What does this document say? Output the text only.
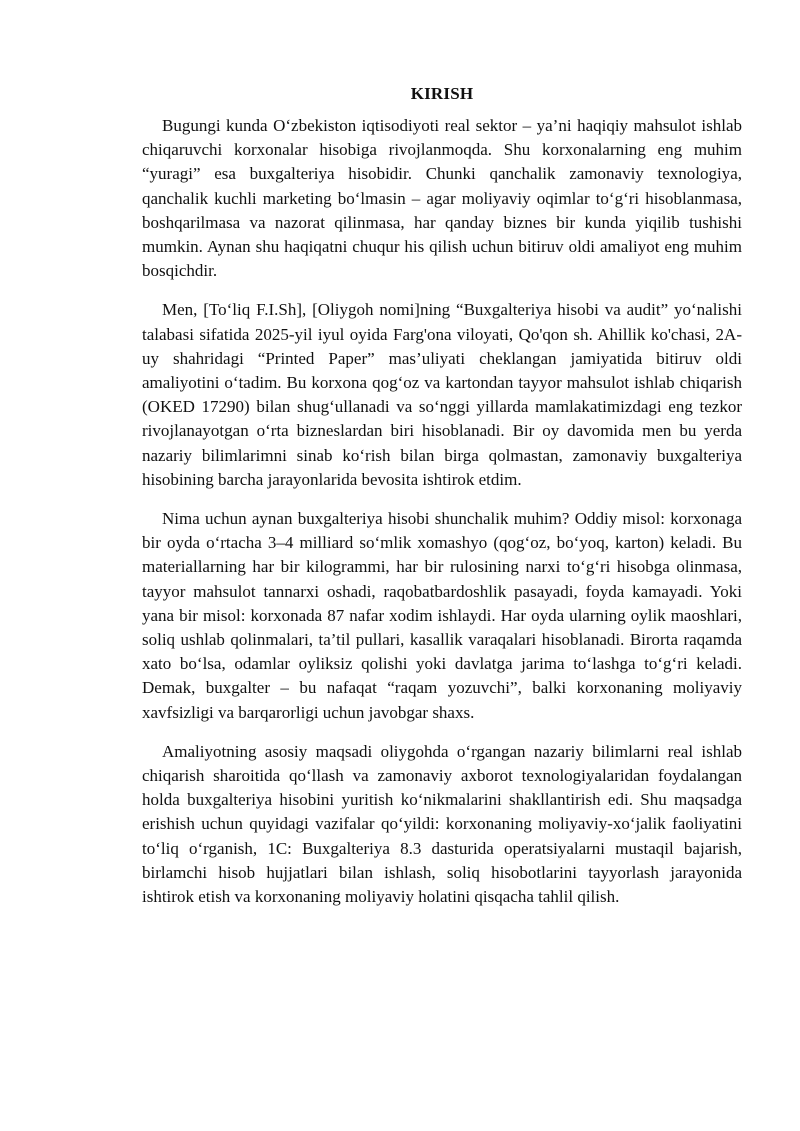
KIRISH

Bugungi kunda O‘zbekiston iqtisodiyoti real sektor – ya’ni haqiqiy mahsulot ishlab chiqaruvchi korxonalar hisobiga rivojlanmoqda. Shu korxonalarning eng muhim “yuragi” esa buxgalteriya hisobidir. Chunki qanchalik zamonaviy texnologiya, qanchalik kuchli marketing bo‘lmasin – agar moliyaviy oqimlar to‘g‘ri hisoblanmasa, boshqarilmasa va nazorat qilinmasa, har qanday biznes bir kunda yiqilib tushishi mumkin. Aynan shu haqiqatni chuqur his qilish uchun bitiruv oldi amaliyot eng muhim bosqichdir.

Men, [To‘liq F.I.Sh], [Oliygoh nomi]ning “Buxgalteriya hisobi va audit” yo‘nalishi talabasi sifatida 2025-yil iyul oyida Farg'ona viloyati, Qo'qon sh. Ahillik ko'chasi, 2A-uy shahridagi “Printed Paper” mas’uliyati cheklangan jamiyatida bitiruv oldi amaliyotini o‘tadim. Bu korxona qog‘oz va kartondan tayyor mahsulot ishlab chiqarish (OKED 17290) bilan shug‘ullanadi va so‘nggi yillarda mamlakatimizdagi eng tezkor rivojlanayotgan o‘rta bizneslardan biri hisoblanadi. Bir oy davomida men bu yerda nazariy bilimlarimni sinab ko‘rish bilan birga qolmastan, zamonaviy buxgalteriya hisobining barcha jarayonlarida bevosita ishtirok etdim.

Nima uchun aynan buxgalteriya hisobi shunchalik muhim? Oddiy misol: korxonaga bir oyda o‘rtacha 3–4 milliard so‘mlik xomashyo (qog‘oz, bo‘yoq, karton) keladi. Bu materiallarning har bir kilogrammi, har bir rulosining narxi to‘g‘ri hisobga olinmasa, tayyor mahsulot tannarxi oshadi, raqobatbardoshlik pasayadi, foyda kamayadi. Yoki yana bir misol: korxonada 87 nafar xodim ishlaydi. Har oyda ularning oylik maoshlari, soliq ushlab qolinmalari, ta’til pullari, kasallik varaqalari hisoblanadi. Birorta raqamda xato bo‘lsa, odamlar oyliksiz qolishi yoki davlatga jarima to‘lashga to‘g‘ri keladi. Demak, buxgalter – bu nafaqat “raqam yozuvchi”, balki korxonaning moliyaviy xavfsizligi va barqarorligi uchun javobgar shaxs.

Amaliyotning asosiy maqsadi oliygohda o‘rgangan nazariy bilimlarni real ishlab chiqarish sharoitida qo‘llash va zamonaviy axborot texnologiyalaridan foydalangan holda buxgalteriya hisobini yuritish ko‘nikmalarini shakllantirish edi. Shu maqsadga erishish uchun quyidagi vazifalar qo‘yildi: korxonaning moliyaviy-xo‘jalik faoliyatini to‘liq o‘rganish, 1C: Buxgalteriya 8.3 dasturida operatsiyalarni mustaqil bajarish, birlamchi hisob hujjatlari bilan ishlash, soliq hisobotlarini tayyorlash jarayonida ishtirok etish va korxonaning moliyaviy holatini qisqacha tahlil qilish.
